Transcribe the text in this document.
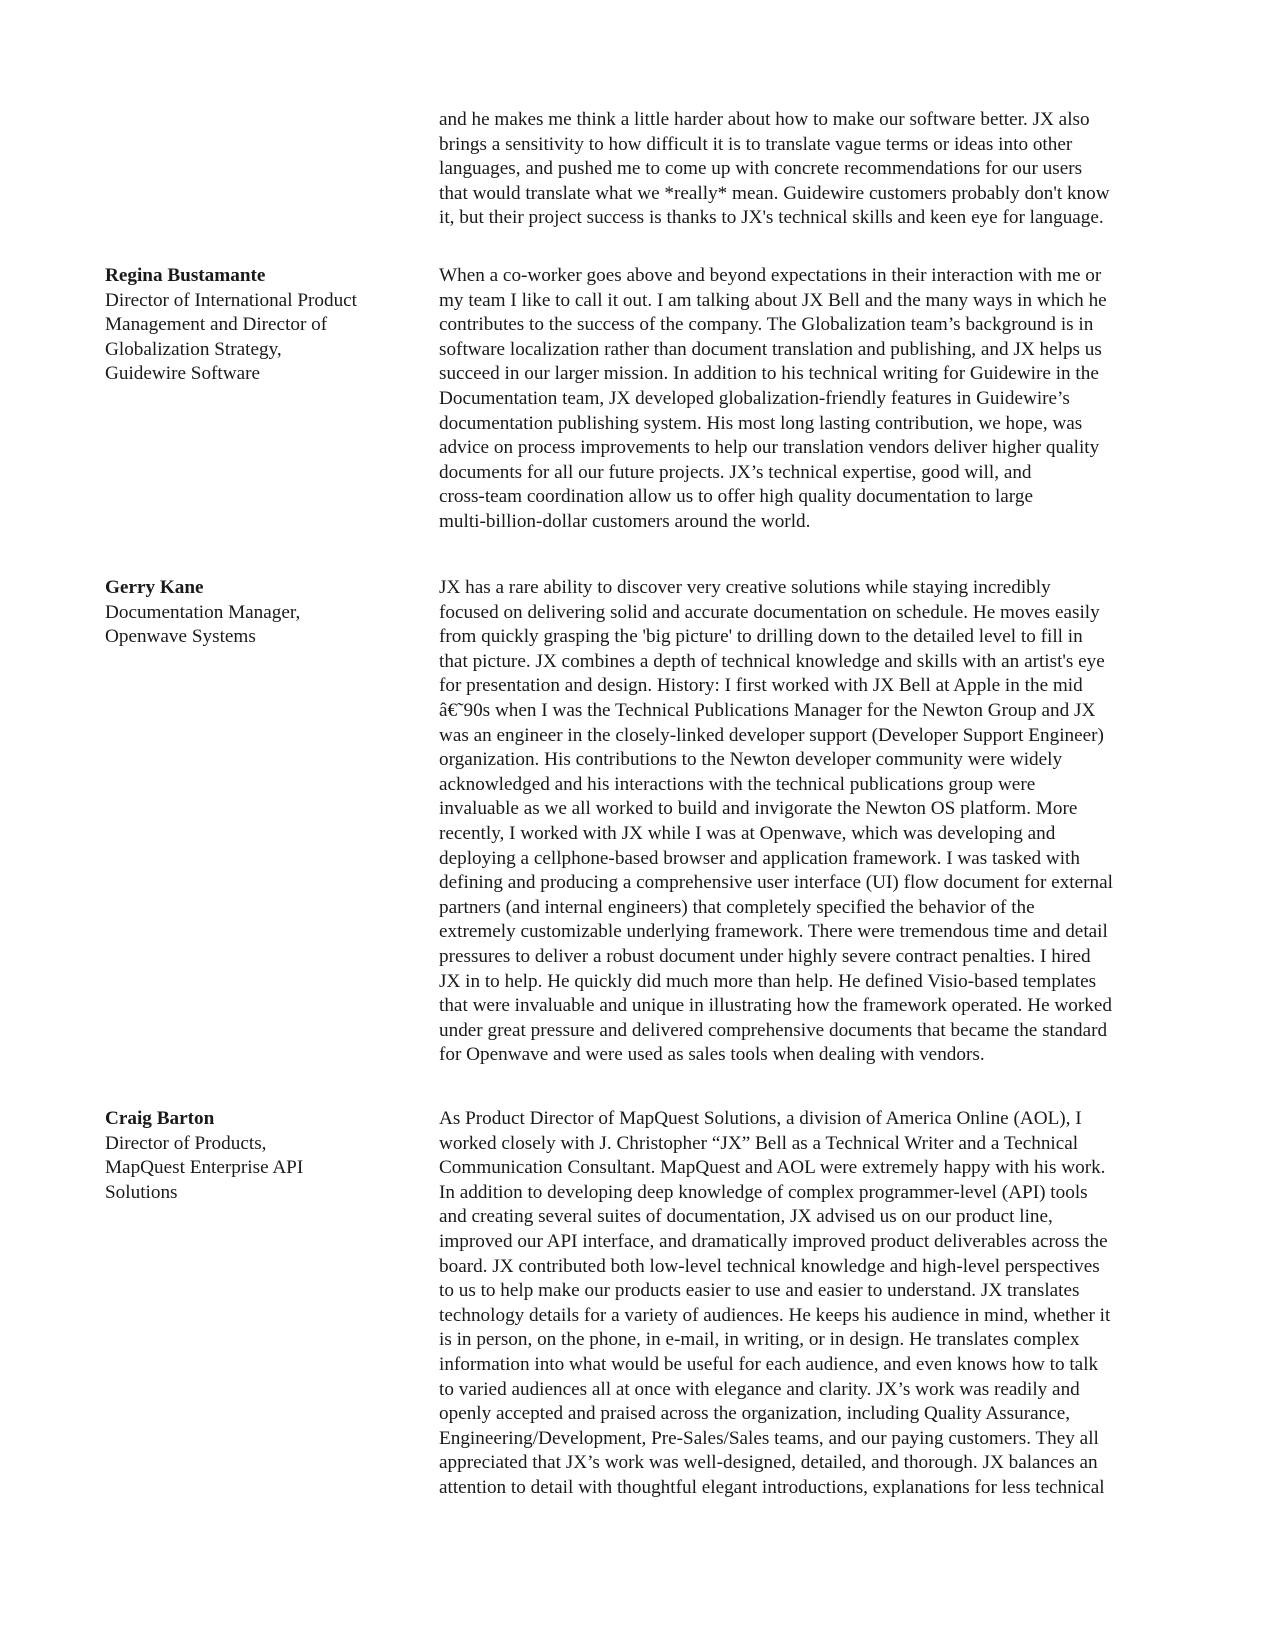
and he makes me think a little harder about how to make our software better. JX also

brings a sensitivity to how difficult it is to translate vague terms or ideas into other

languages, and pushed me to come up with concrete recommendations for our users

that would translate what we *really* mean. Guidewire customers probably don't know

it, but their project success is thanks to JX's technical skills and keen eye for language.

Regina Bustamante
Director of International Product
Management and Director of
Globalization Strategy,
Guidewire Software

When a co-worker goes above and beyond expectations in their interaction with me or

my team I like to call it out. I am talking about JX Bell and the many ways in which he

contributes to the success of the company. The Globalization team’s background is in

software localization rather than document translation and publishing, and JX helps us

succeed in our larger mission. In addition to his technical writing for Guidewire in the

Documentation team, JX developed globalization-friendly features in Guidewire’s

documentation publishing system. His most long lasting contribution, we hope, was

advice on process improvements to help our translation vendors deliver higher quality

documents for all our future projects. JX’s technical expertise, good will, and

cross-team coordination allow us to offer high quality documentation to large

multi-billion-dollar customers around the world.

Gerry Kane
Documentation Manager,
Openwave Systems

JX has a rare ability to discover very creative solutions while staying incredibly

focused on delivering solid and accurate documentation on schedule. He moves easily

from quickly grasping the 'big picture' to drilling down to the detailed level to fill in

that picture. JX combines a depth of technical knowledge and skills with an artist's eye

for presentation and design. History: I first worked with JX Bell at Apple in the mid

â€˜90s when I was the Technical Publications Manager for the Newton Group and JX

was an engineer in the closely-linked developer support (Developer Support Engineer)

organization. His contributions to the Newton developer community were widely

acknowledged and his interactions with the technical publications group were

invaluable as we all worked to build and invigorate the Newton OS platform. More

recently, I worked with JX while I was at Openwave, which was developing and

deploying a cellphone-based browser and application framework. I was tasked with

defining and producing a comprehensive user interface (UI) flow document for external

partners (and internal engineers) that completely specified the behavior of the

extremely customizable underlying framework. There were tremendous time and detail

pressures to deliver a robust document under highly severe contract penalties. I hired

JX in to help. He quickly did much more than help. He defined Visio-based templates

that were invaluable and unique in illustrating how the framework operated. He worked

under great pressure and delivered comprehensive documents that became the standard

for Openwave and were used as sales tools when dealing with vendors.

Craig Barton
Director of Products,
MapQuest Enterprise API
Solutions

As Product Director of MapQuest Solutions, a division of America Online (AOL), I

worked closely with J. Christopher “JX” Bell as a Technical Writer and a Technical

Communication Consultant. MapQuest and AOL were extremely happy with his work.

In addition to developing deep knowledge of complex programmer-level (API) tools

and creating several suites of documentation, JX advised us on our product line,

improved our API interface, and dramatically improved product deliverables across the

board. JX contributed both low-level technical knowledge and high-level perspectives

to us to help make our products easier to use and easier to understand. JX translates

technology details for a variety of audiences. He keeps his audience in mind, whether it

is in person, on the phone, in e-mail, in writing, or in design. He translates complex

information into what would be useful for each audience, and even knows how to talk

to varied audiences all at once with elegance and clarity. JX’s work was readily and

openly accepted and praised across the organization, including Quality Assurance,

Engineering/Development, Pre-Sales/Sales teams, and our paying customers. They all

appreciated that JX’s work was well-designed, detailed, and thorough. JX balances an

attention to detail with thoughtful elegant introductions, explanations for less technical
